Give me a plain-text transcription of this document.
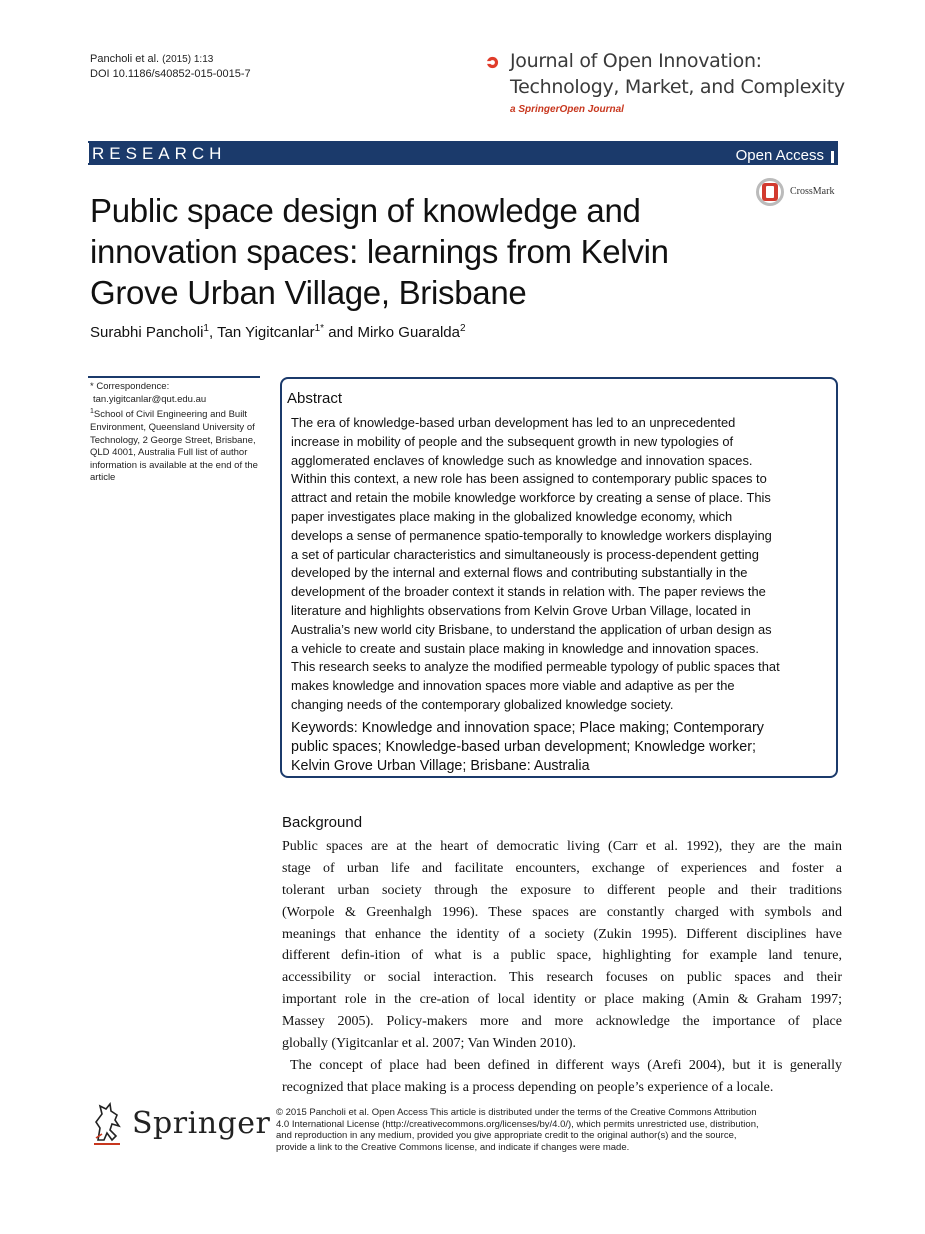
Pancholi et al. (2015) 1:13
DOI 10.1186/s40852-015-0015-7
Journal of Open Innovation:
Technology, Market, and Complexity
a SpringerOpen Journal
RESEARCH	Open Access
CrossMark
Public space design of knowledge and innovation spaces: learnings from Kelvin Grove Urban Village, Brisbane
Surabhi Pancholi$^1$, Tan Yigitcanlar$^{1*}$ and Mirko Guaralda$^2$

* Correspondence:

tan.yigitcanlar@qut.edu.au

$^1$School of Civil Engineering and Built Environment, Queensland University of Technology, 2 George Street, Brisbane, QLD 4001, Australia Full list of author information is available at the end of the article

Abstract
The era of knowledge-based urban development has led to an unprecedented
increase in mobility of people and the subsequent growth in new typologies of
agglomerated enclaves of knowledge such as knowledge and innovation spaces.
Within this context, a new role has been assigned to contemporary public spaces to
attract and retain the mobile knowledge workforce by creating a sense of place. This
paper investigates place making in the globalized knowledge economy, which
develops a sense of permanence spatio-temporally to knowledge workers displaying
a set of particular characteristics and simultaneously is process-dependent getting
developed by the internal and external flows and contributing substantially in the
development of the broader context it stands in relation with. The paper reviews the
literature and highlights observations from Kelvin Grove Urban Village, located in
Australia’s new world city Brisbane, to understand the application of urban design as
a vehicle to create and sustain place making in knowledge and innovation spaces.
This research seeks to analyze the modified permeable typology of public spaces that
makes knowledge and innovation spaces more viable and adaptive as per the
changing needs of the contemporary globalized knowledge society.
Keywords: Knowledge and innovation space; Place making; Contemporary
public spaces; Knowledge-based urban development; Knowledge worker;
Kelvin Grove Urban Village; Brisbane: Australia
Background
Public spaces are at the heart of democratic living (Carr et al. 1992), they are the main
stage of urban life and facilitate encounters, exchange of experiences and foster a
tolerant urban society through the exposure to different people and their traditions
(Worpole & Greenhalgh 1996). These spaces are constantly charged with symbols and
meanings that enhance the identity of a society (Zukin 1995). Different disciplines have
different defin-ition of what is a public space, highlighting for example land tenure,
accessibility or social interaction. This research focuses on public spaces and their
important role in the cre-ation of local identity or place making (Amin & Graham 1997;
Massey 2005). Policy-makers more and more acknowledge the importance of place
globally (Yigitcanlar et al. 2007; Van Winden 2010).
The concept of place had been defined in different ways (Arefi 2004), but it is generally
recognized that place making is a process depending on people’s experience of a locale.
Springer © 2015 Pancholi et al. Open Access This article is distributed under the terms of the Creative Commons Attribution
4.0 International License (http://creativecommons.org/licenses/by/4.0/), which permits unrestricted use, distribution,
and reproduction in any medium, provided you give appropriate credit to the original author(s) and the source,
provide a link to the Creative Commons license, and indicate if changes were made.
